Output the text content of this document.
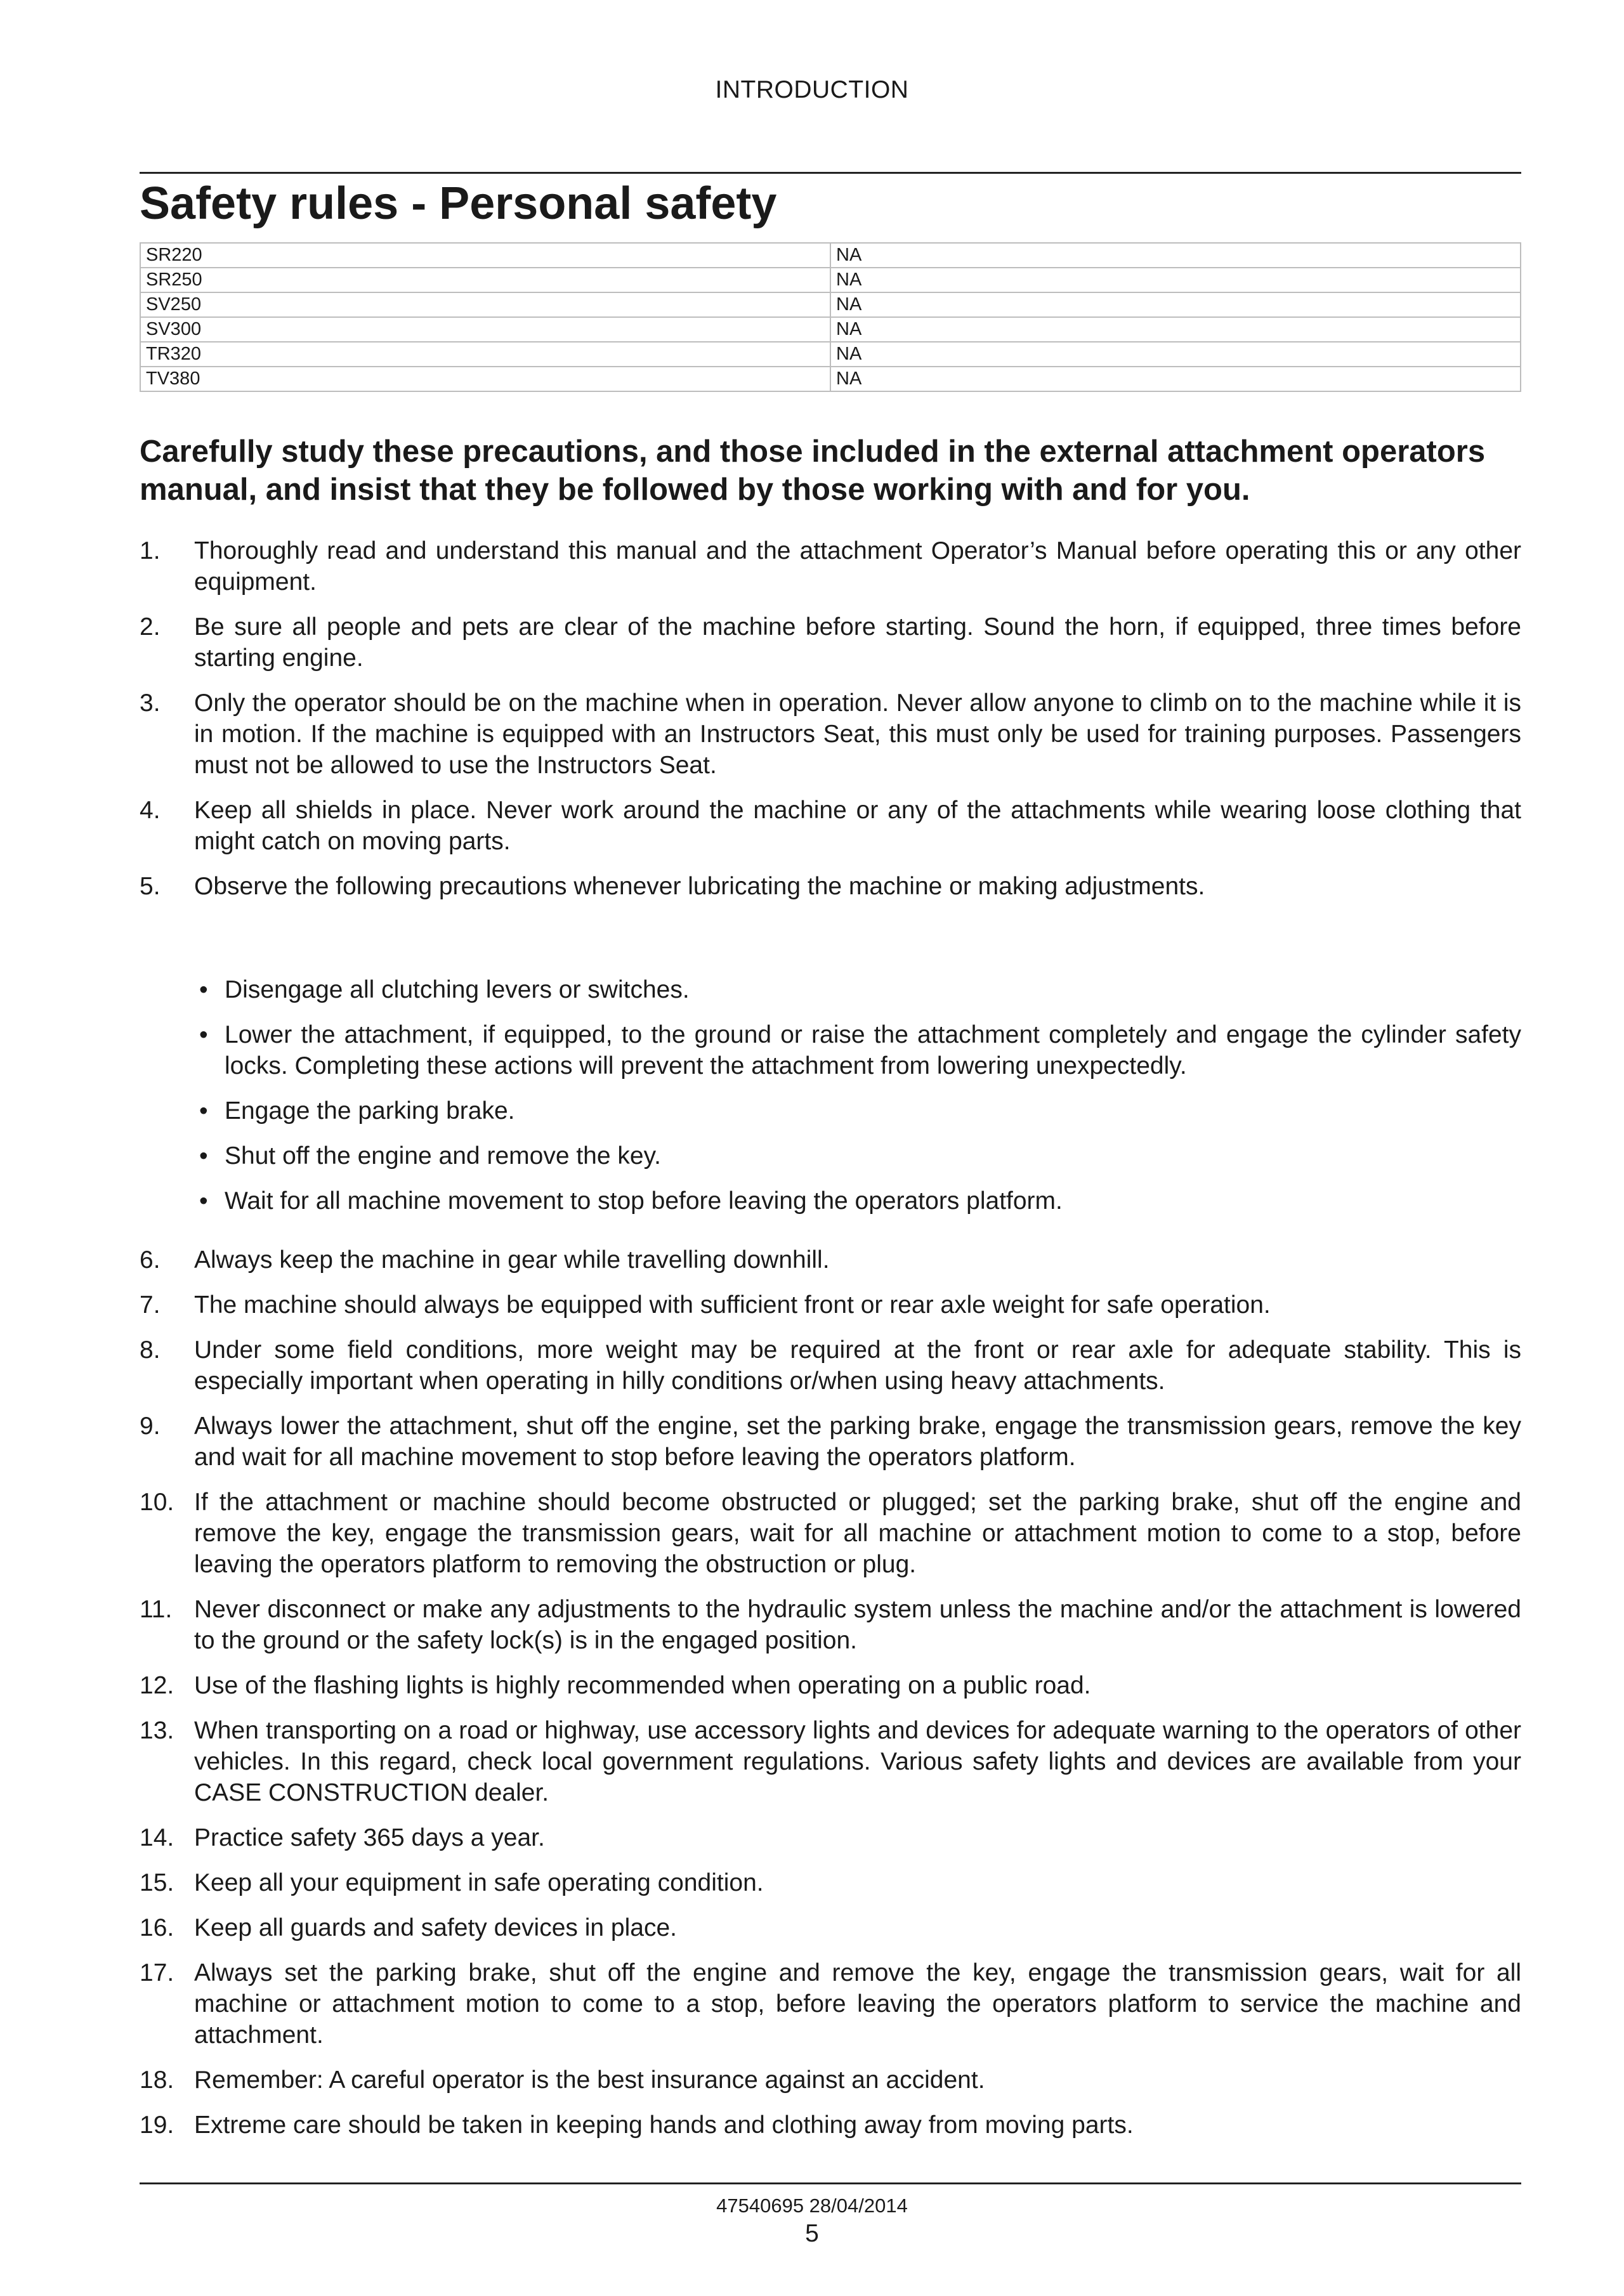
INTRODUCTION
Safety rules - Personal safety
SR220	NA
SR250	NA
SV250	NA
SV300	NA
TR320	NA
TV380	NA

Carefully study these precautions, and those included in the external attachment operators manual, and insist that they be followed by those working with and for you.

1. Thoroughly read and understand this manual and the attachment Operator’s Manual before operating this or any other equipment.
2. Be sure all people and pets are clear of the machine before starting. Sound the horn, if equipped, three times before starting engine.
3. Only the operator should be on the machine when in operation. Never allow anyone to climb on to the machine while it is in motion. If the machine is equipped with an Instructors Seat, this must only be used for training purposes. Passengers must not be allowed to use the Instructors Seat.
4. Keep all shields in place. Never work around the machine or any of the attachments while wearing loose clothing that might catch on moving parts.
5. Observe the following precautions whenever lubricating the machine or making adjustments.
• Disengage all clutching levers or switches.
• Lower the attachment, if equipped, to the ground or raise the attachment completely and engage the cylinder safety locks. Completing these actions will prevent the attachment from lowering unexpectedly.
• Engage the parking brake.
• Shut off the engine and remove the key.
• Wait for all machine movement to stop before leaving the operators platform.
6. Always keep the machine in gear while travelling downhill.
7. The machine should always be equipped with sufficient front or rear axle weight for safe operation.
8. Under some field conditions, more weight may be required at the front or rear axle for adequate stability. This is especially important when operating in hilly conditions or/when using heavy attachments.
9. Always lower the attachment, shut off the engine, set the parking brake, engage the transmission gears, remove the key and wait for all machine movement to stop before leaving the operators platform.
10. If the attachment or machine should become obstructed or plugged; set the parking brake, shut off the engine and remove the key, engage the transmission gears, wait for all machine or attachment motion to come to a stop, before leaving the operators platform to removing the obstruction or plug.
11. Never disconnect or make any adjustments to the hydraulic system unless the machine and/or the attachment is lowered to the ground or the safety lock(s) is in the engaged position.
12. Use of the flashing lights is highly recommended when operating on a public road.
13. When transporting on a road or highway, use accessory lights and devices for adequate warning to the operators of other vehicles. In this regard, check local government regulations. Various safety lights and devices are available from your CASE CONSTRUCTION dealer.
14. Practice safety 365 days a year.
15. Keep all your equipment in safe operating condition.
16. Keep all guards and safety devices in place.
17. Always set the parking brake, shut off the engine and remove the key, engage the transmission gears, wait for all machine or attachment motion to come to a stop, before leaving the operators platform to service the machine and attachment.
18. Remember: A careful operator is the best insurance against an accident.
19. Extreme care should be taken in keeping hands and clothing away from moving parts.
47540695 28/04/2014
5
